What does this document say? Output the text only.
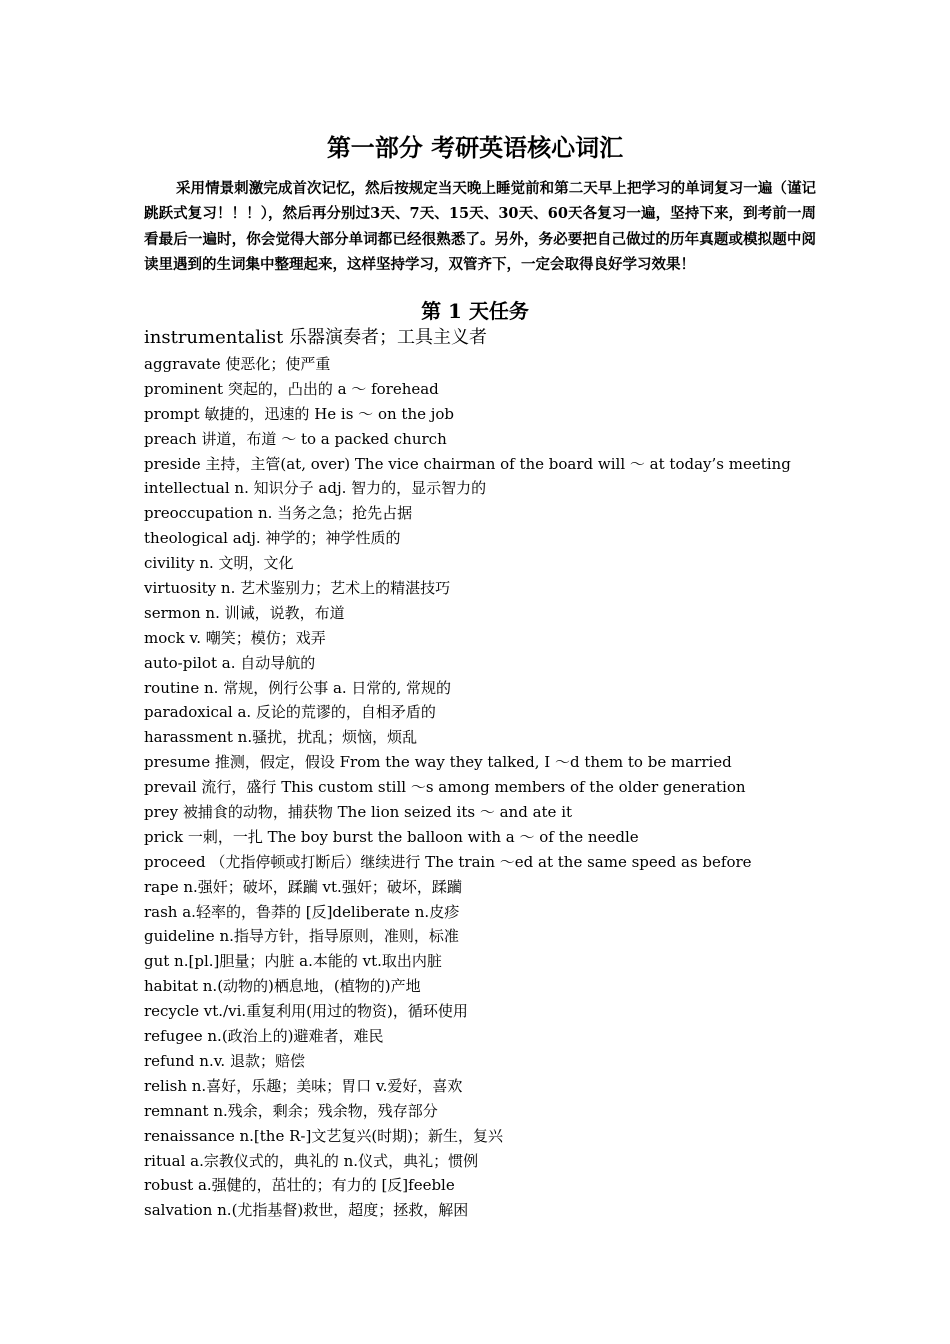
第一部分 考研英语核心词汇
采用情景刺激完成首次记忆，然后按规定当天晚上睡觉前和第二天早上把学习的单词复习一遍（谨记跳跃式复习！！！），然后再分别过3天、7天、15天、30天、60天各复习一遍，坚持下来，到考前一周看最后一遍时，你会觉得大部分单词都已经很熟悉了。另外，务必要把自己做过的历年真题或模拟题中阅读里遇到的生词集中整理起来，这样坚持学习，双管齐下，一定会取得良好学习效果！
第 1 天任务
instrumentalist 乐器演奏者；工具主义者
aggravate 使恶化；使严重
prominent 突起的，凸出的 a ～ forehead
prompt 敏捷的，迅速的 He is ～ on the job
preach 讲道，布道 ～ to a packed church
preside 主持，主管(at, over) The vice chairman of the board will ～ at today’s meeting
intellectual n. 知识分子 adj. 智力的，显示智力的
preoccupation n. 当务之急；抢先占据
theological adj. 神学的；神学性质的
civility n. 文明，文化
virtuosity n. 艺术鉴别力；艺术上的精湛技巧
sermon n. 训诫，说教，布道
mock v. 嘲笑；模仿；戏弄
auto-pilot a. 自动导航的
routine n. 常规，例行公事 a. 日常的, 常规的
paradoxical a. 反论的荒谬的，自相矛盾的
harassment n.骚扰，扰乱；烦恼，烦乱
presume 推测，假定，假设 From the way they talked, I ～d them to be married
prevail 流行，盛行 This custom still ～s among members of the older generation
prey 被捕食的动物，捕获物 The lion seized its ～ and ate it
prick 一刺，一扎 The boy burst the balloon with a ～ of the needle
proceed （尤指停顿或打断后）继续进行 The train ～ed at the same speed as before
rape n.强奸；破坏，蹂躏 vt.强奸；破坏，蹂躏
rash a.轻率的，鲁莽的 [反]deliberate n.皮疹
guideline n.指导方针，指导原则，准则，标准
gut n.[pl.]胆量；内脏 a.本能的 vt.取出内脏
habitat n.(动物的)栖息地，(植物的)产地
recycle vt./vi.重复利用(用过的物资)，循环使用
refugee n.(政治上的)避难者，难民
refund n.v. 退款；赔偿
relish n.喜好，乐趣；美味；胃口 v.爱好，喜欢
remnant n.残余，剩余；残余物，残存部分
renaissance n.[the R-]文艺复兴(时期)；新生，复兴
ritual a.宗教仪式的，典礼的 n.仪式，典礼；惯例
robust a.强健的，茁壮的；有力的 [反]feeble
salvation n.(尤指基督)救世，超度；拯救，解困
